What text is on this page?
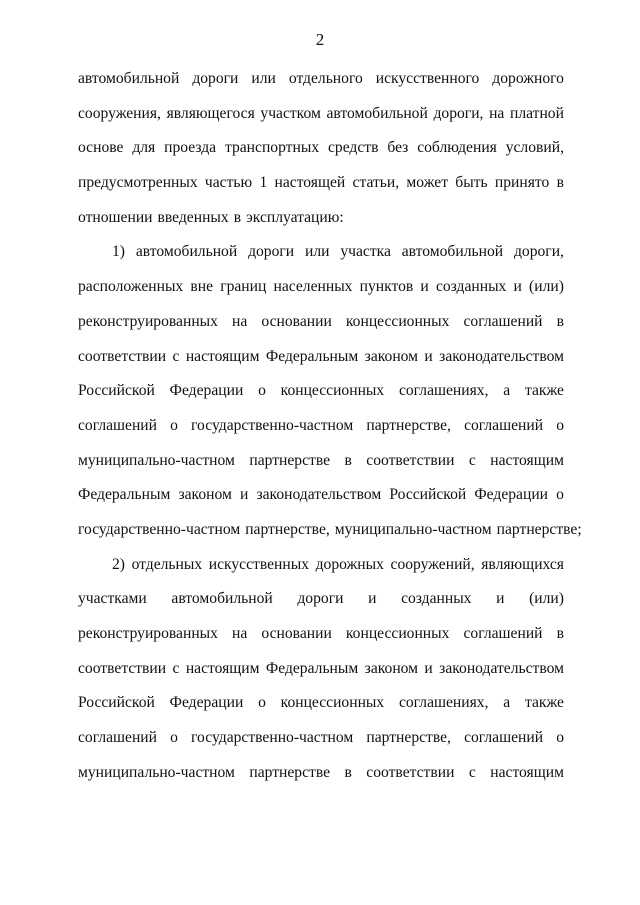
2
автомобильной дороги или отдельного искусственного дорожного
сооружения, являющегося участком автомобильной дороги, на платной
основе для проезда транспортных средств без соблюдения условий,
предусмотренных частью 1 настоящей статьи, может быть принято в
отношении введенных в эксплуатацию:
1) автомобильной дороги или участка автомобильной дороги,
расположенных вне границ населенных пунктов и созданных и (или)
реконструированных на основании концессионных соглашений в
соответствии с настоящим Федеральным законом и законодательством
Российской Федерации о концессионных соглашениях, а также
соглашений о государственно-частном партнерстве, соглашений о
муниципально-частном партнерстве в соответствии с настоящим
Федеральным законом и законодательством Российской Федерации о
государственно-частном партнерстве, муниципально-частном партнерстве;
2) отдельных искусственных дорожных сооружений, являющихся
участками автомобильной дороги и созданных и (или)
реконструированных на основании концессионных соглашений в
соответствии с настоящим Федеральным законом и законодательством
Российской Федерации о концессионных соглашениях, а также
соглашений о государственно-частном партнерстве, соглашений о
муниципально-частном партнерстве в соответствии с настоящим
